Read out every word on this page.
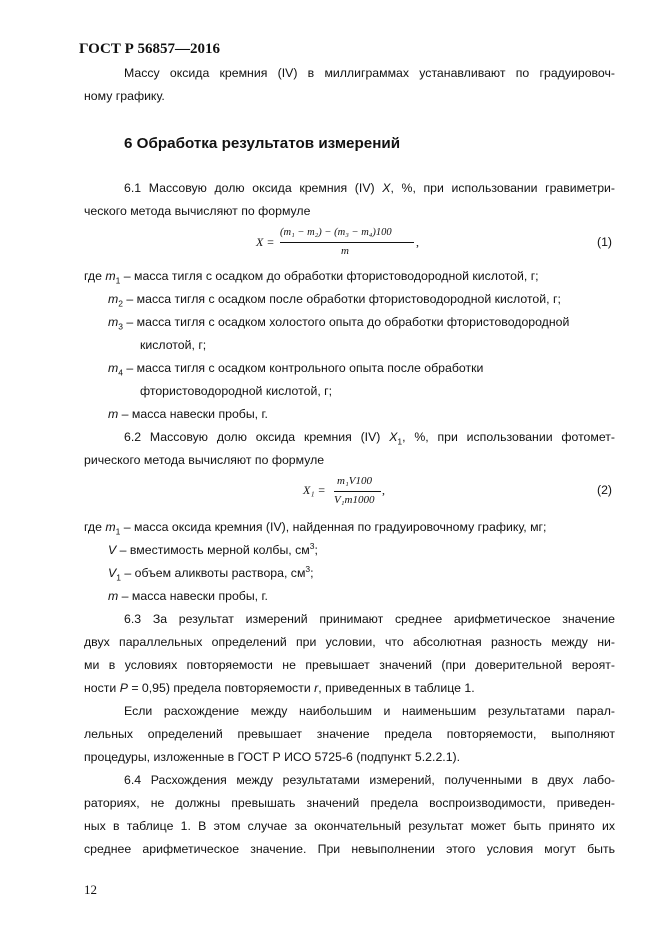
ГОСТ Р 56857—2016
Массу оксида кремния (IV) в миллиграммах устанавливают по градуировоч-
ному графику.
6 Обработка результатов измерений
6.1 Массовую долю оксида кремния (IV) X, %, при использовании гравиметри-
ческого метода вычисляют по формуле
X =
(m₁ − m₂) − (m₃ − m₄)100
m
,	(1)
где $m_1$ – масса тигля с осадком до обработки фтористоводородной кислотой, г;
$m_2$ – масса тигля с осадком после обработки фтористоводородной кислотой, г;
$m_3$ – масса тигля с осадком холостого опыта до обработки фтористоводородной
кислотой, г;
$m_4$ – масса тигля с осадком контрольного опыта после обработки
фтористоводородной кислотой, г;
m – масса навески пробы, г.
6.2 Массовую долю оксида кремния (IV) $X_1$, %, при использовании фотомет-
рического метода вычисляют по формуле
X₁ =
m₁V100
V₁m1000
,	(2)
где $m_1$ – масса оксида кремния (IV), найденная по градуировочному графику, мг;
V – вместимость мерной колбы, $см^3$;
$V_1$ – объем аликвоты раствора, $см^3$;
m – масса навески пробы, г.
6.3 За результат измерений принимают среднее арифметическое значение
двух параллельных определений при условии, что абсолютная разность между ни-
ми в условиях повторяемости не превышает значений (при доверительной вероят-
ности P = 0,95) предела повторяемости r, приведенных в таблице 1.
Если расхождение между наибольшим и наименьшим результатами парал-
лельных определений превышает значение предела повторяемости, выполняют
процедуры, изложенные в ГОСТ Р ИСО 5725-6 (подпункт 5.2.2.1).
6.4 Расхождения между результатами измерений, полученными в двух лабо-
раториях, не должны превышать значений предела воспроизводимости, приведен-
ных в таблице 1. В этом случае за окончательный результат может быть принято их
среднее арифметическое значение. При невыполнении этого условия могут быть
12
